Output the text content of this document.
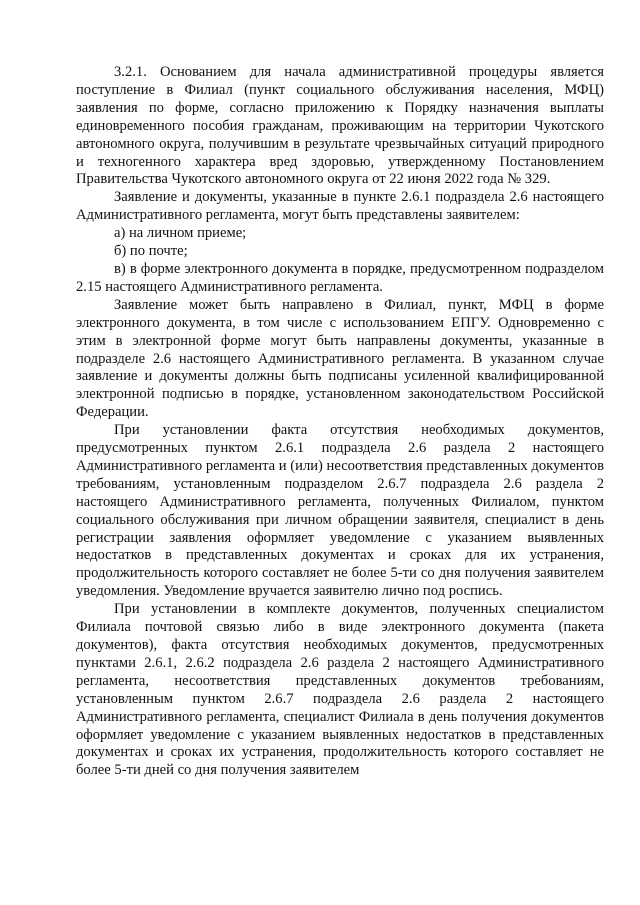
3.2.1. Основанием для начала административной процедуры является поступление в Филиал (пункт социального обслуживания населения, МФЦ) заявления по форме, согласно приложению к Порядку назначения выплаты единовременного пособия гражданам, проживающим на территории Чукотского автономного округа, получившим в результате чрезвычайных ситуаций природного и техногенного характера вред здоровью, утвержденному Постановлением Правительства Чукотского автономного округа от 22 июня 2022 года № 329.

Заявление и документы, указанные в пункте 2.6.1 подраздела 2.6 настоящего Административного регламента, могут быть представлены заявителем:

а) на личном приеме;

б) по почте;

в) в форме электронного документа в порядке, предусмотренном подразделом 2.15 настоящего Административного регламента.

Заявление может быть направлено в Филиал, пункт, МФЦ в форме электронного документа, в том числе с использованием ЕПГУ. Одновременно с этим в электронной форме могут быть направлены документы, указанные в подразделе 2.6 настоящего Административного регламента. В указанном случае заявление и документы должны быть подписаны усиленной квалифицированной электронной подписью в порядке, установленном законодательством Российской Федерации.

При установлении факта отсутствия необходимых документов, предусмотренных пунктом 2.6.1 подраздела 2.6 раздела 2 настоящего Административного регламента и (или) несоответствия представленных документов требованиям, установленным подразделом 2.6.7 подраздела 2.6 раздела 2 настоящего Административного регламента, полученных Филиалом, пунктом социального обслуживания при личном обращении заявителя, специалист в день регистрации заявления оформляет уведомление с указанием выявленных недостатков в представленных документах и сроках для их устранения, продолжительность которого составляет не более 5-ти со дня получения заявителем уведомления. Уведомление вручается заявителю лично под роспись.

При установлении в комплекте документов, полученных специалистом Филиала почтовой связью либо в виде электронного документа (пакета документов), факта отсутствия необходимых документов, предусмотренных пунктами 2.6.1, 2.6.2 подраздела 2.6 раздела 2 настоящего Административного регламента, несоответствия представленных документов требованиям, установленным пунктом 2.6.7 подраздела 2.6 раздела 2 настоящего Административного регламента, специалист Филиала в день получения документов оформляет уведомление с указанием выявленных недостатков в представленных документах и сроках их устранения, продолжительность которого составляет не более 5-ти дней со дня получения заявителем
